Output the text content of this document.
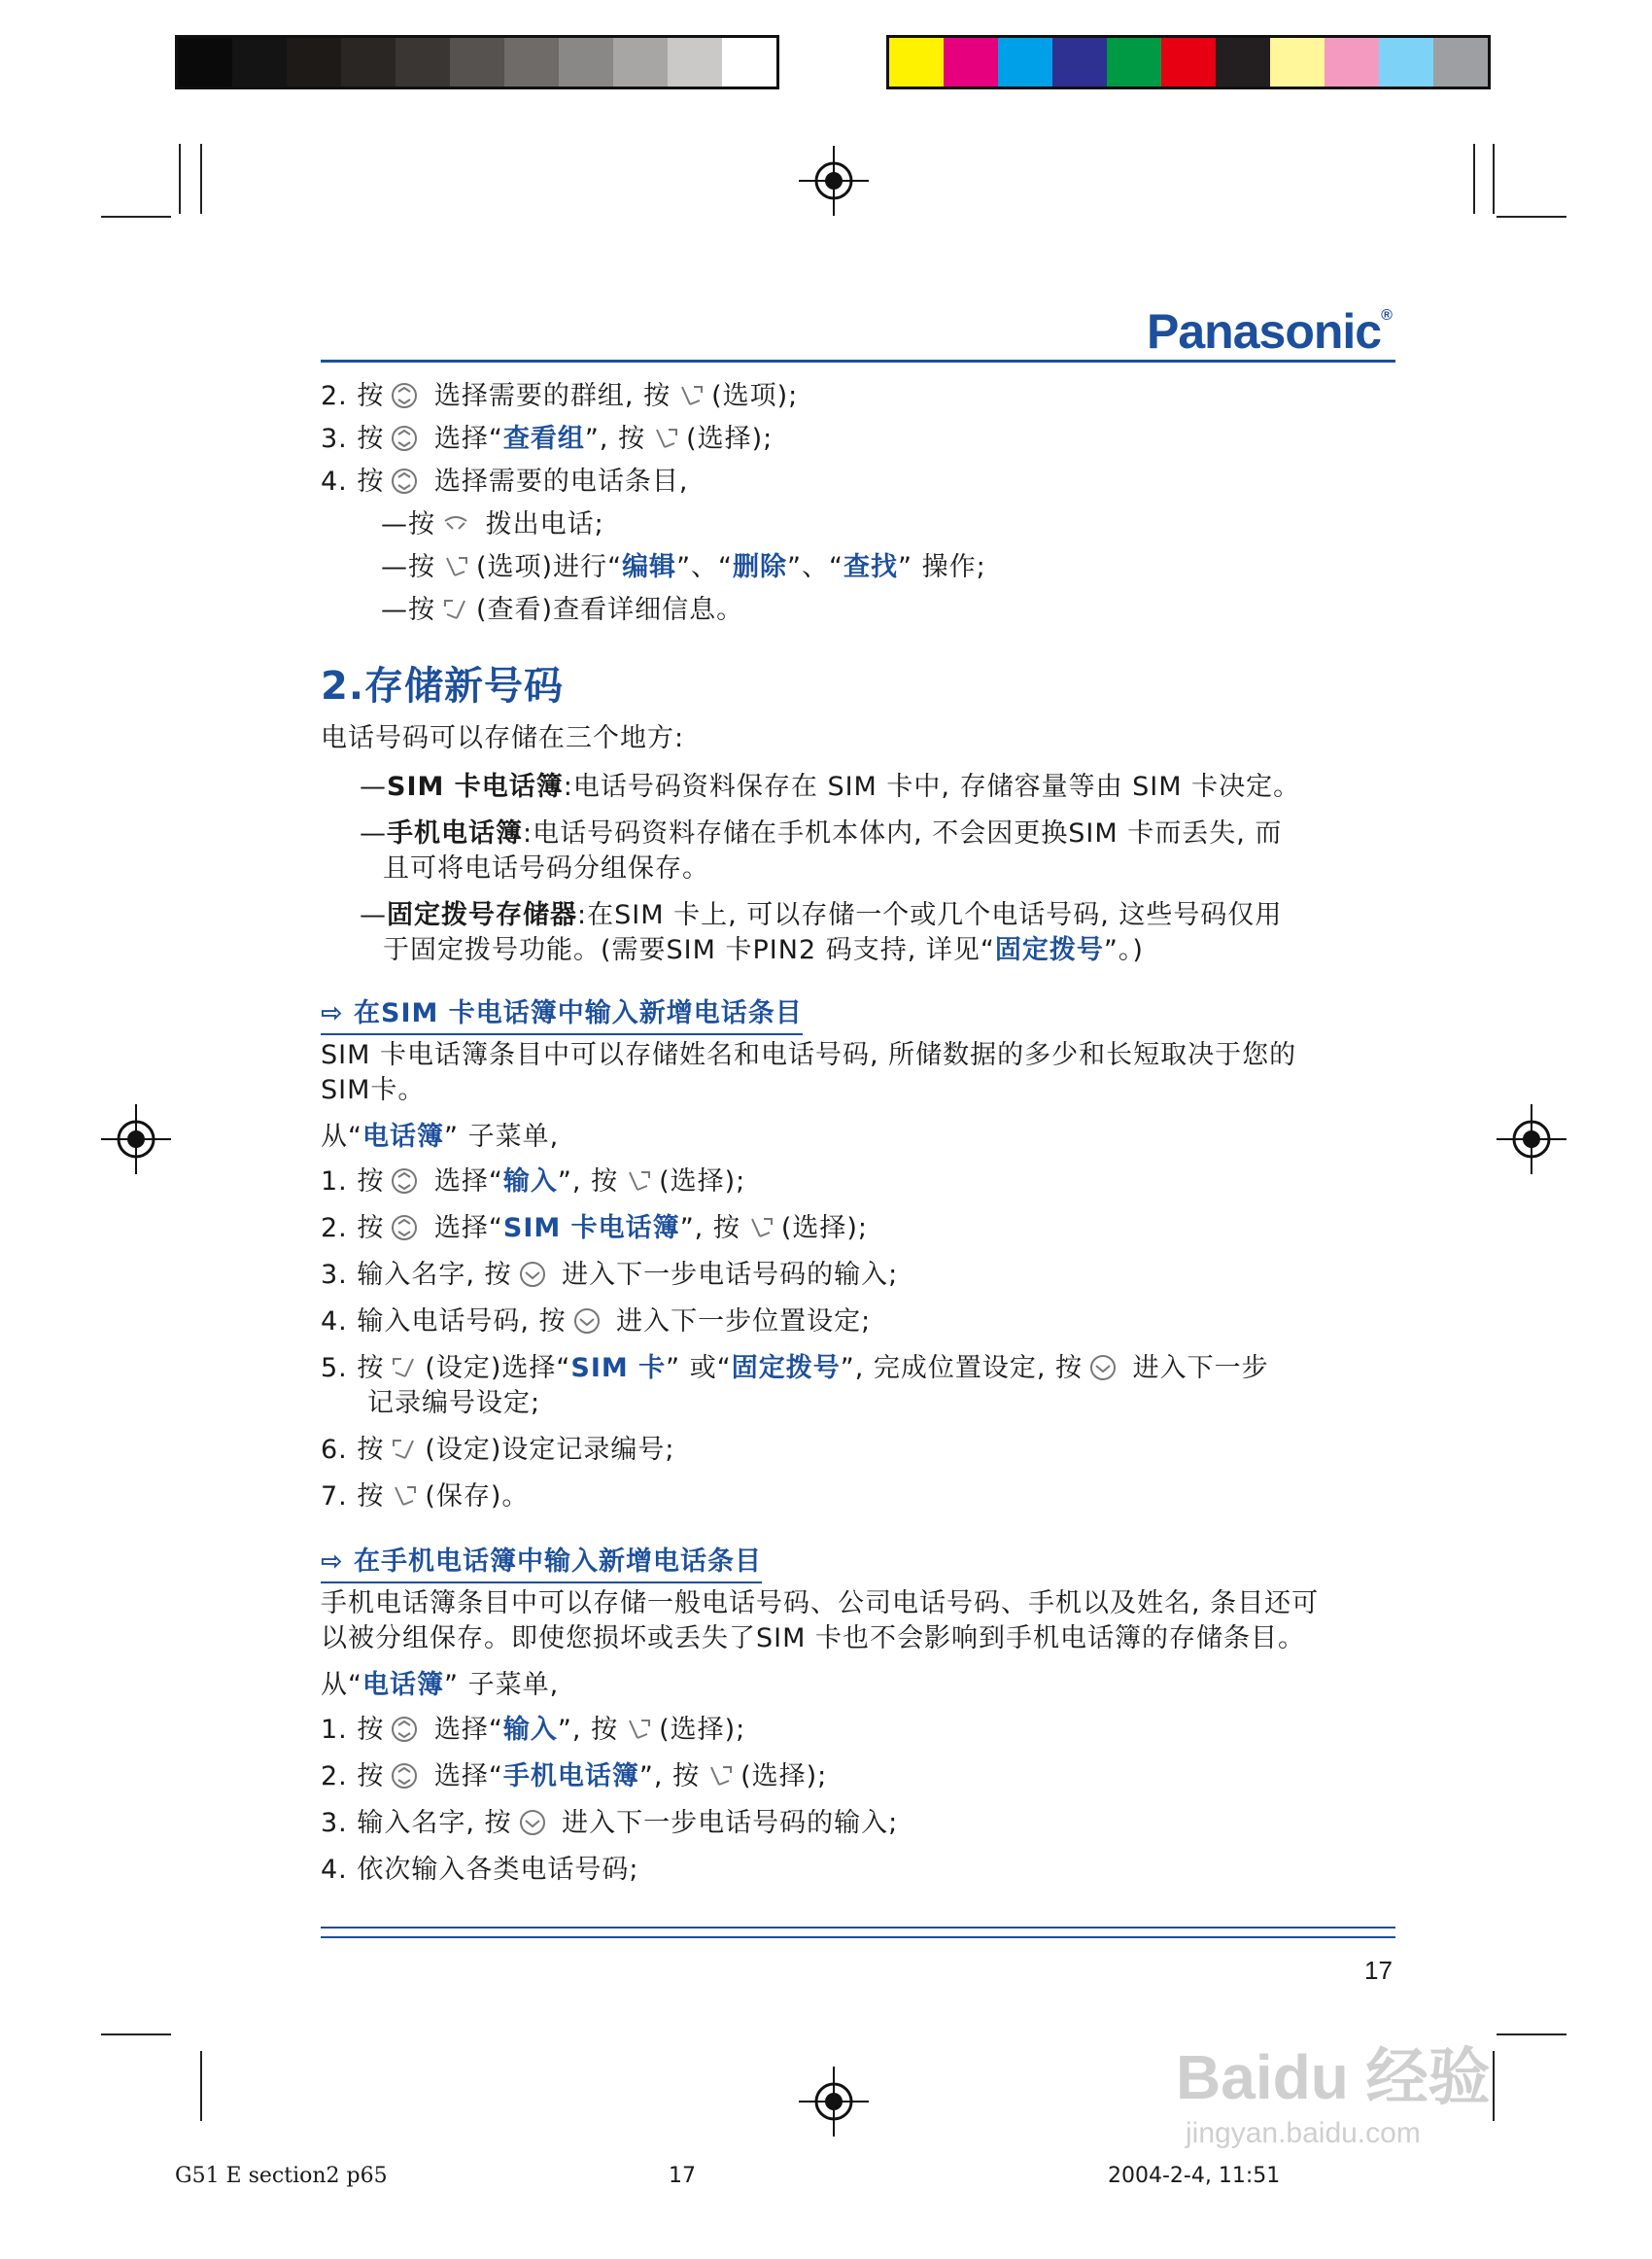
Panasonic®
2. 按 选择需要的群组, 按 (选项);
3. 按 选择“查看组”, 按 (选择);
4. 按 选择需要的电话条目,
—按 拨出电话;
—按 (选项)进行“编辑”、“删除”、“查找” 操作;
—按 (查看)查看详细信息。
2.存储新号码
电话号码可以存储在三个地方:
—SIM 卡电话簿:电话号码资料保存在 SIM 卡中, 存储容量等由 SIM 卡决定。
—手机电话簿:电话号码资料存储在手机本体内, 不会因更换SIM 卡而丢失, 而
且可将电话号码分组保存。
—固定拨号存储器:在SIM 卡上, 可以存储一个或几个电话号码, 这些号码仅用
于固定拨号功能。(需要SIM 卡PIN2 码支持, 详见“固定拨号”。)
⇨ 在SIM 卡电话簿中输入新增电话条目
SIM 卡电话簿条目中可以存储姓名和电话号码, 所储数据的多少和长短取决于您的
SIM卡。
从“电话簿” 子菜单,
1. 按 选择“输入”, 按 (选择);
2. 按 选择“SIM 卡电话簿”, 按 (选择);
3. 输入名字, 按 进入下一步电话号码的输入;
4. 输入电话号码, 按 进入下一步位置设定;
5. 按 (设定)选择“SIM 卡” 或“固定拨号”, 完成位置设定, 按 进入下一步
记录编号设定;
6. 按 (设定)设定记录编号;
7. 按 (保存)。
⇨ 在手机电话簿中输入新增电话条目
手机电话簿条目中可以存储一般电话号码、公司电话号码、手机以及姓名, 条目还可
以被分组保存。即使您损坏或丢失了SIM 卡也不会影响到手机电话簿的存储条目。
从“电话簿” 子菜单,
1. 按 选择“输入”, 按 (选择);
2. 按 选择“手机电话簿”, 按 (选择);
3. 输入名字, 按 进入下一步电话号码的输入;
4. 依次输入各类电话号码;
17
G51 E section2 p65	17	2004-2-4, 11:51
Baidu 经验
jingyan.baidu.com
